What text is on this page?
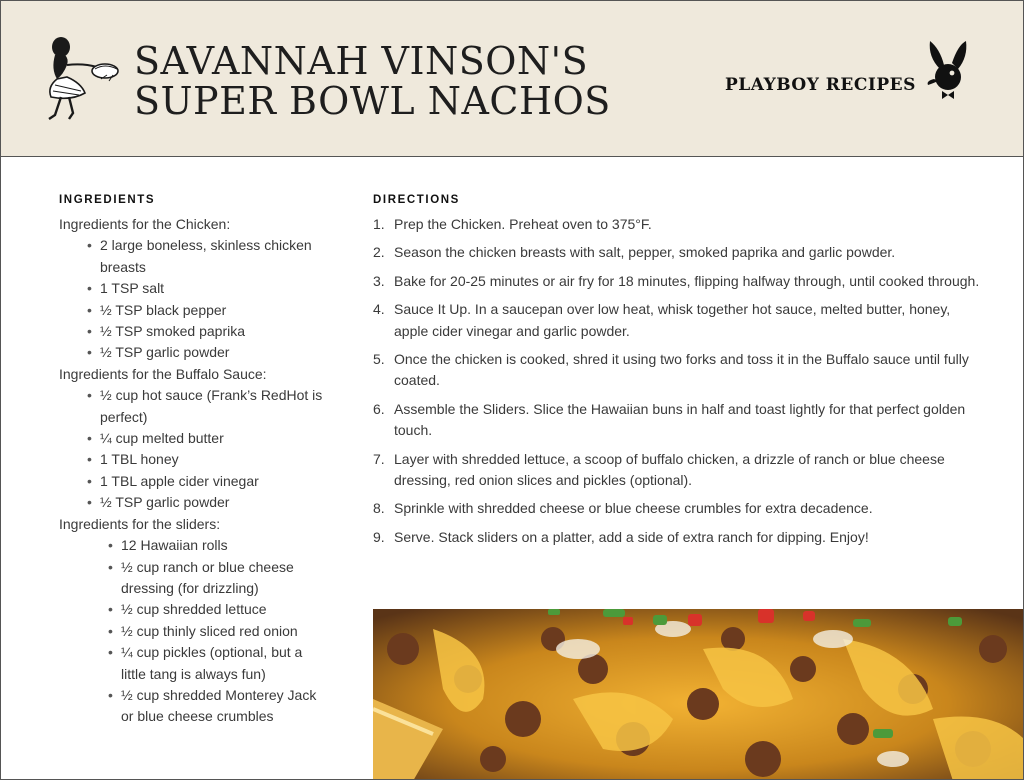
SAVANNAH VINSON'S
SUPER BOWL NACHOS	PLAYBOY RECIPES
INGREDIENTS	DIRECTIONS
Ingredients for the Chicken:
• 2 large boneless, skinless chicken breasts
• 1 TSP salt
• ½ TSP black pepper
• ½ TSP smoked paprika
• ½ TSP garlic powder
Ingredients for the Buffalo Sauce:
• ½ cup hot sauce (Frank’s RedHot is perfect)
• ¼ cup melted butter
• 1 TBL honey
• 1 TBL apple cider vinegar
• ½ TSP garlic powder
Ingredients for the sliders:
• 12 Hawaiian rolls
• ½ cup ranch or blue cheese dressing (for drizzling)
• ½ cup shredded lettuce
• ½ cup thinly sliced red onion
• ¼ cup pickles (optional, but a little tang is always fun)
• ½ cup shredded Monterey Jack or blue cheese crumbles
1. Prep the Chicken. Preheat oven to 375°F.
2. Season the chicken breasts with salt, pepper, smoked paprika and garlic powder.
3. Bake for 20-25 minutes or air fry for 18 minutes, flipping halfway through, until cooked through.
4. Sauce It Up. In a saucepan over low heat, whisk together hot sauce, melted butter, honey, apple cider vinegar and garlic powder.
5. Once the chicken is cooked, shred it using two forks and toss it in the Buffalo sauce until fully coated.
6. Assemble the Sliders. Slice the Hawaiian buns in half and toast lightly for that perfect golden touch.
7. Layer with shredded lettuce, a scoop of buffalo chicken, a drizzle of ranch or blue cheese dressing, red onion slices and pickles (optional).
8. Sprinkle with shredded cheese or blue cheese crumbles for extra decadence.
9. Serve. Stack sliders on a platter, add a side of extra ranch for dipping. Enjoy!
